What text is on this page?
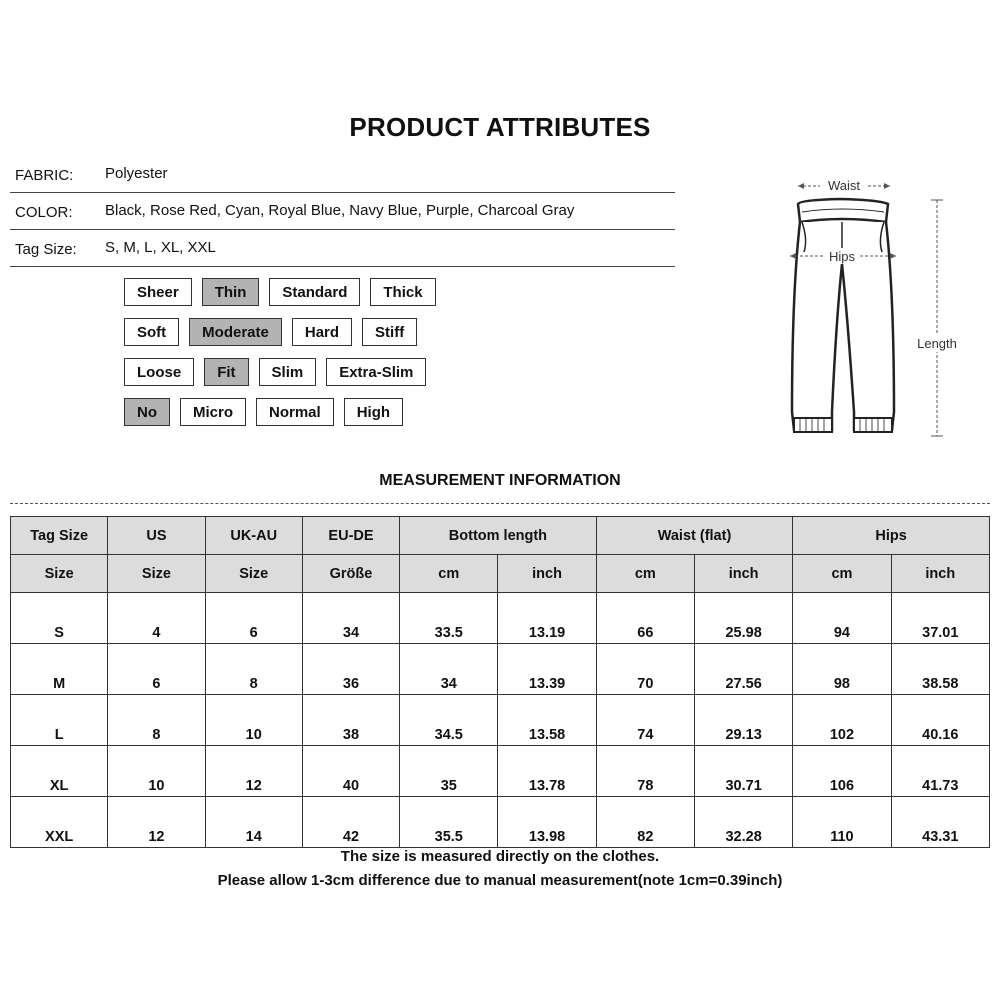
PRODUCT ATTRIBUTES
FABRIC: Polyester
COLOR: Black, Rose Red, Cyan, Royal Blue, Navy Blue, Purple, Charcoal Gray
Tag Size: S, M, L, XL, XXL
Sheer	Thin	Standard	Thick
Soft	Moderate	Hard	Stiff
Loose	Fit	Slim	Extra-Slim
No	Micro	Normal	High
Waist
Hips
Length
MEASUREMENT INFORMATION
Tag Size	US	UK-AU	EU-DE	Bottom length		Waist (flat)		Hips	
Size	Size	Size	Größe	cm	inch	cm	inch	cm	inch
S	4	6	34	33.5	13.19	66	25.98	94	37.01
M	6	8	36	34	13.39	70	27.56	98	38.58
L	8	10	38	34.5	13.58	74	29.13	102	40.16
XL	10	12	40	35	13.78	78	30.71	106	41.73
XXL	12	14	42	35.5	13.98	82	32.28	110	43.31
The size is measured directly on the clothes.
Please allow 1-3cm difference due to manual measurement(note 1cm=0.39inch)
